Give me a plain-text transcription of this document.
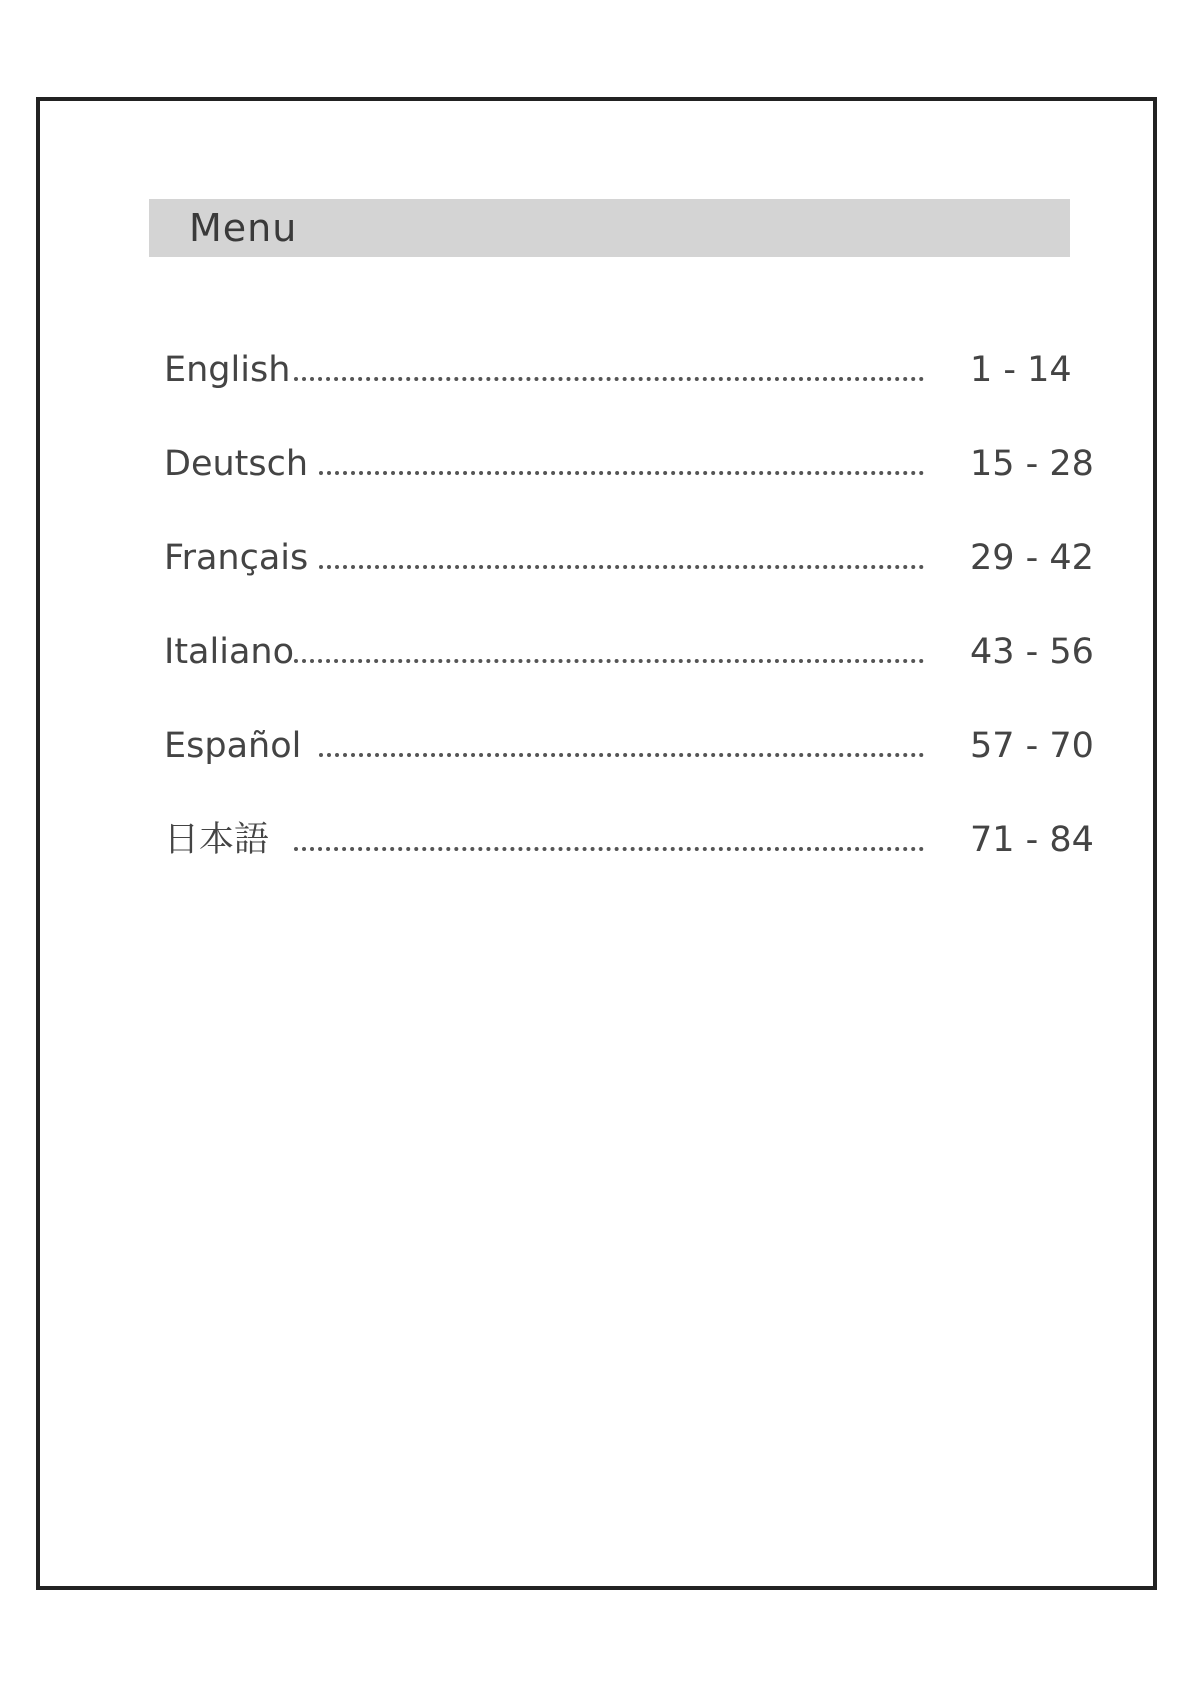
Menu
English	1 - 14
Deutsch	15 - 28
Français	29 - 42
Italiano	43 - 56
Español	57 - 70
日本語	71 - 84
